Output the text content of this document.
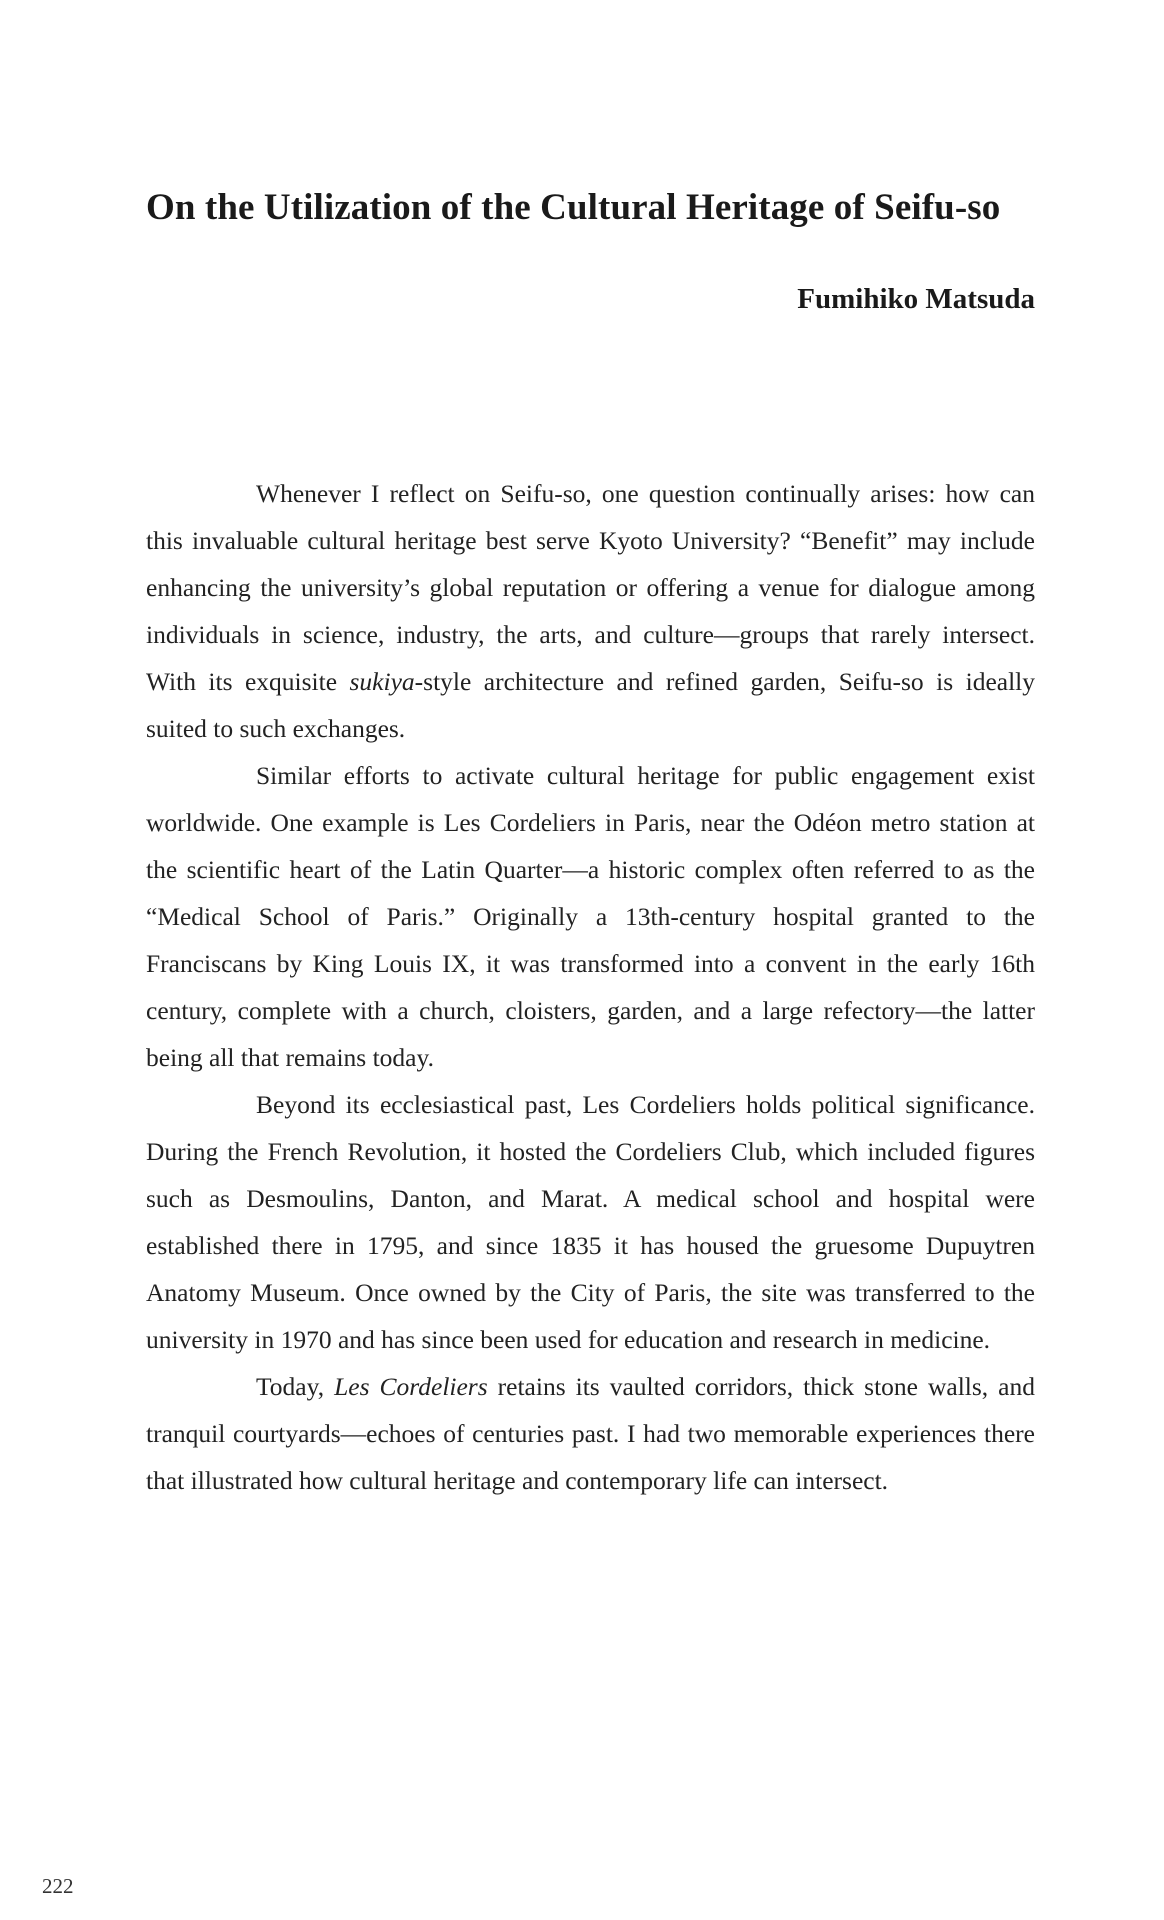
On the Utilization of the Cultural Heritage of Seifu-so

Fumihiko Matsuda

Whenever I reflect on Seifu-so, one question continually arises: how can this invaluable cultural heritage best serve Kyoto University? “Benefit” may include enhancing the university’s global reputation or offering a venue for dialogue among individuals in science, industry, the arts, and culture—groups that rarely intersect. With its exquisite sukiya-style architecture and refined garden, Seifu-so is ideally suited to such exchanges.

Similar efforts to activate cultural heritage for public engagement exist worldwide. One example is Les Cordeliers in Paris, near the Odéon metro station at the scientific heart of the Latin Quarter—a historic complex often referred to as the “Medical School of Paris.” Originally a 13th-century hospital granted to the Franciscans by King Louis IX, it was transformed into a convent in the early 16th century, complete with a church, cloisters, garden, and a large refectory—the latter being all that remains today.

Beyond its ecclesiastical past, Les Cordeliers holds political significance. During the French Revolution, it hosted the Cordeliers Club, which included figures such as Desmoulins, Danton, and Marat. A medical school and hospital were established there in 1795, and since 1835 it has housed the gruesome Dupuytren Anatomy Museum. Once owned by the City of Paris, the site was transferred to the university in 1970 and has since been used for education and research in medicine.

Today, Les Cordeliers retains its vaulted corridors, thick stone walls, and tranquil courtyards—echoes of centuries past. I had two memorable experiences there that illustrated how cultural heritage and contemporary life can intersect.

222
